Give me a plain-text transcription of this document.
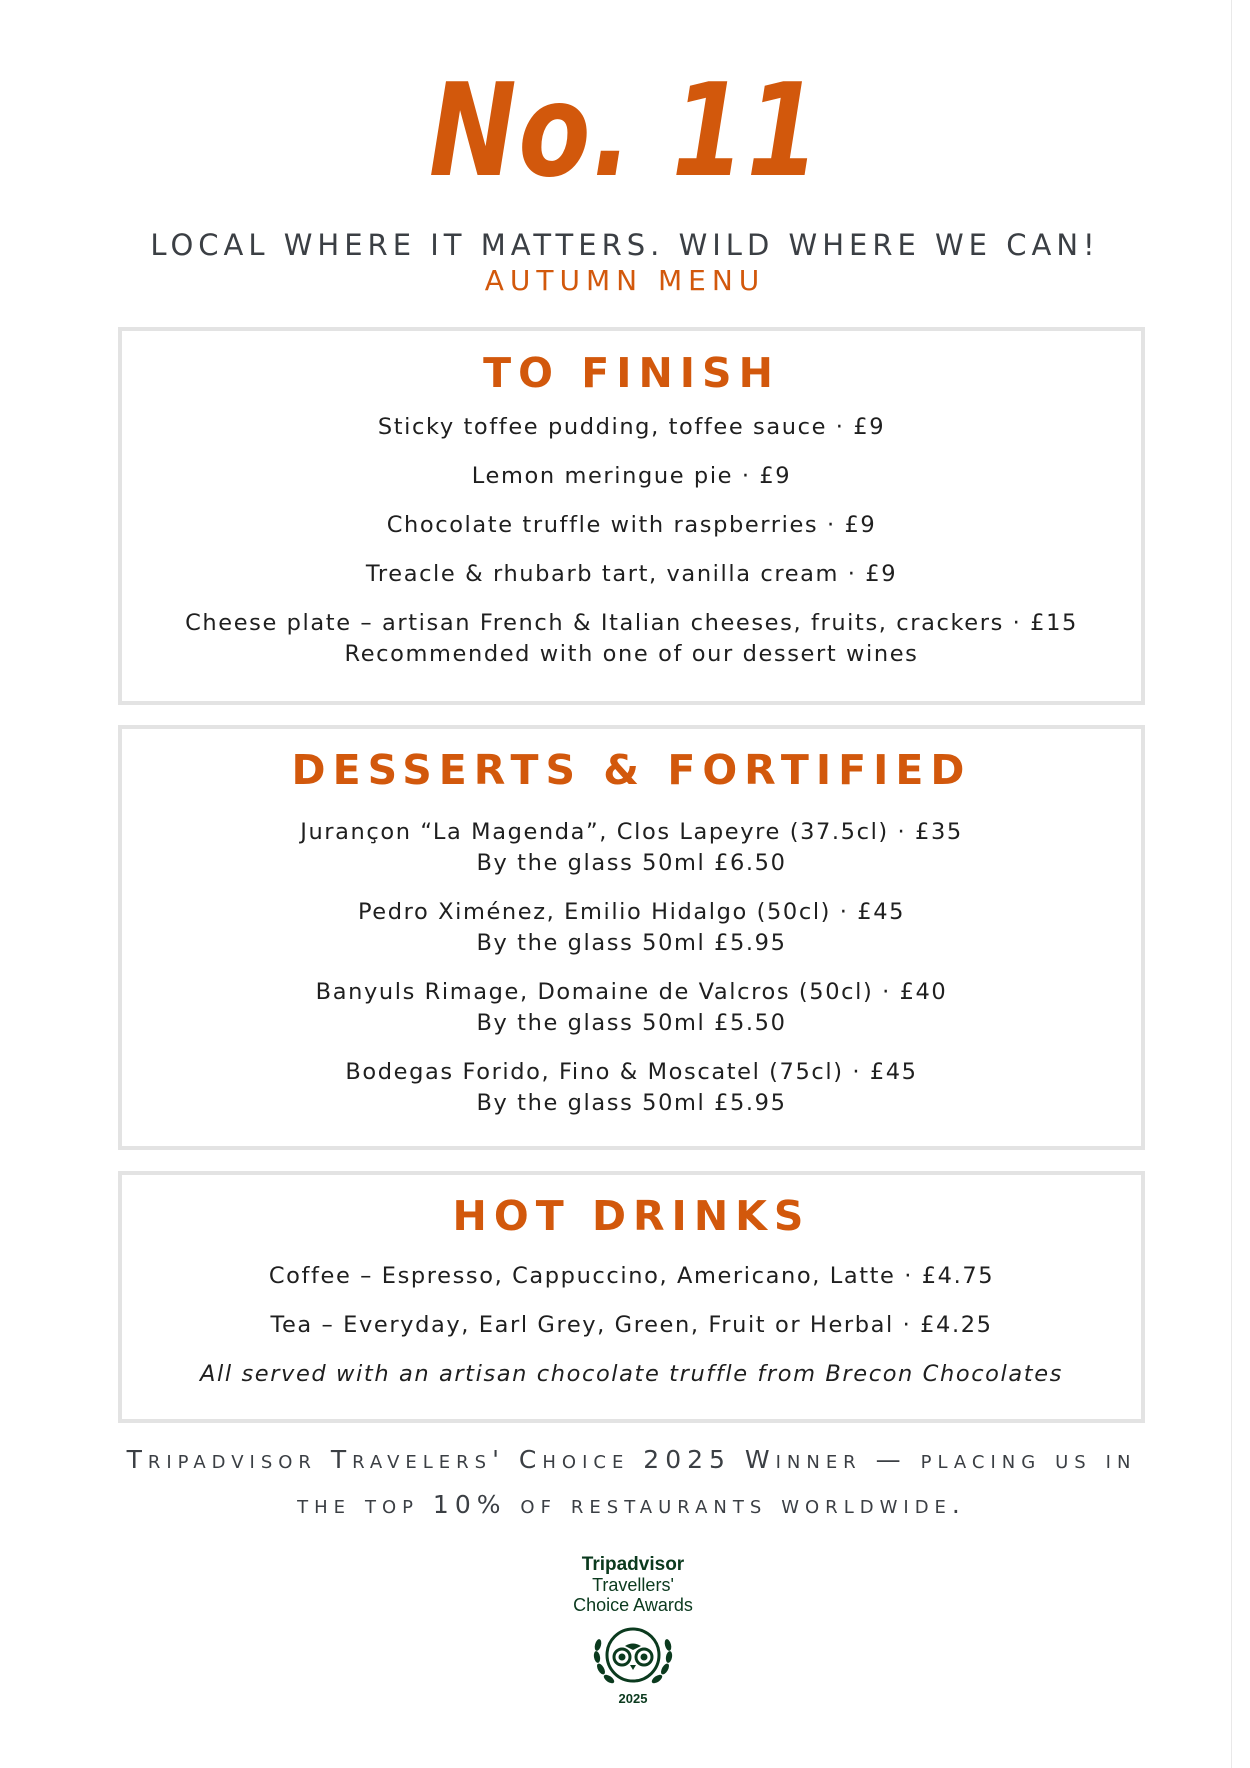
No. 11
LOCAL WHERE IT MATTERS. WILD WHERE WE CAN!
AUTUMN MENU
TO FINISH
Sticky toffee pudding, toffee sauce · £9
Lemon meringue pie · £9
Chocolate truffle with raspberries · £9
Treacle & rhubarb tart, vanilla cream · £9
Cheese plate – artisan French & Italian cheeses, fruits, crackers · £15
Recommended with one of our dessert wines
DESSERTS & FORTIFIED
Jurançon “La Magenda”, Clos Lapeyre (37.5cl) · £35
By the glass 50ml £6.50
Pedro Ximénez, Emilio Hidalgo (50cl) · £45
By the glass 50ml £5.95
Banyuls Rimage, Domaine de Valcros (50cl) · £40
By the glass 50ml £5.50
Bodegas Forido, Fino & Moscatel (75cl) · £45
By the glass 50ml £5.95
HOT DRINKS
Coffee – Espresso, Cappuccino, Americano, Latte · £4.75
Tea – Everyday, Earl Grey, Green, Fruit or Herbal · £4.25
All served with an artisan chocolate truffle from Brecon Chocolates
Tripadvisor Travelers' Choice 2025 Winner — placing us in
the top 10% of restaurants worldwide.
Tripadvisor
Travellers'
Choice Awards
2025
